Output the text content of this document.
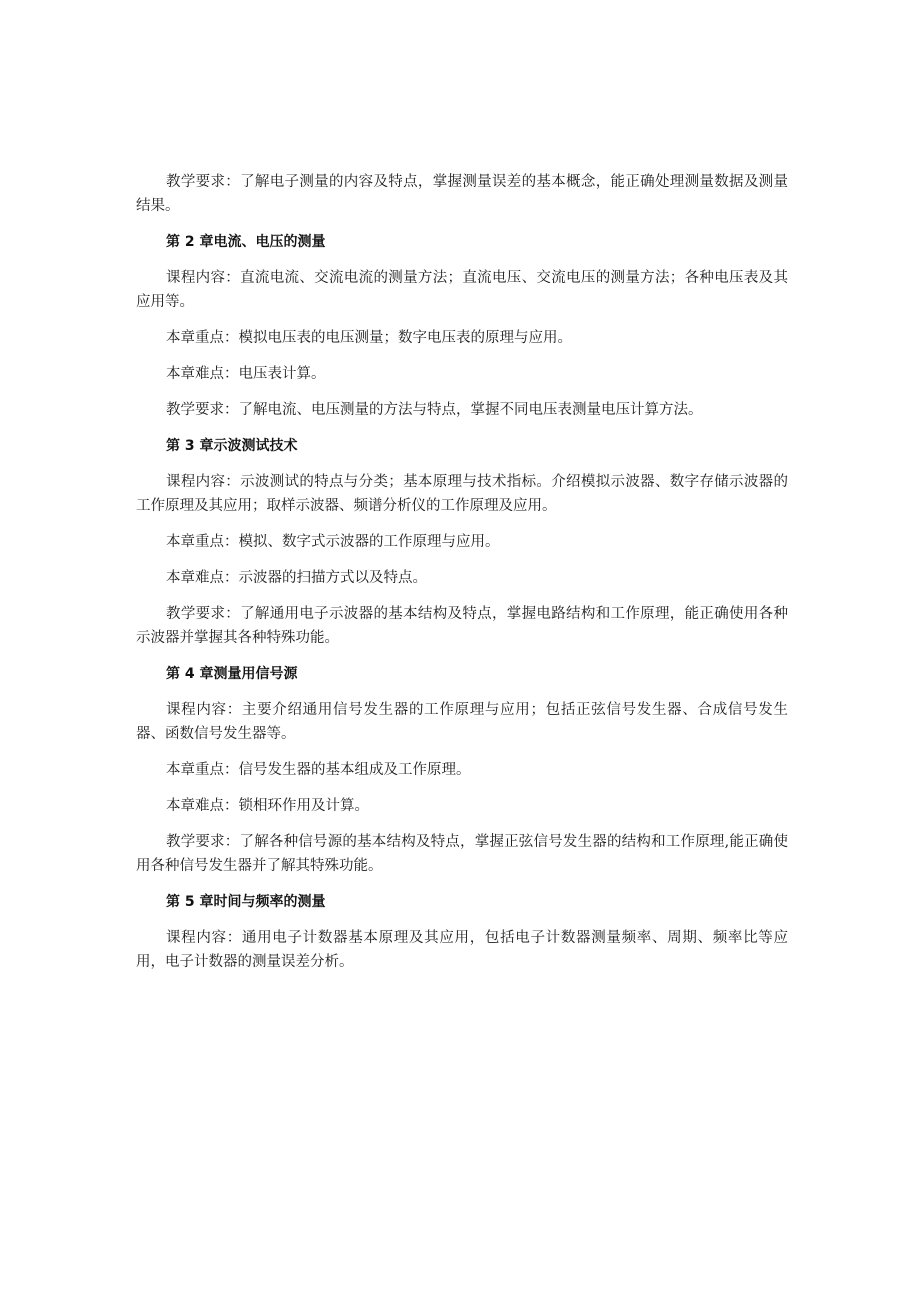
教学要求：了解电子测量的内容及特点，掌握测量误差的基本概念，能正确处理测量数据及测量结果。

第 2 章电流、电压的测量

课程内容：直流电流、交流电流的测量方法；直流电压、交流电压的测量方法；各种电压表及其应用等。

本章重点：模拟电压表的电压测量；数字电压表的原理与应用。

本章难点：电压表计算。

教学要求：了解电流、电压测量的方法与特点，掌握不同电压表测量电压计算方法。

第 3 章示波测试技术

课程内容：示波测试的特点与分类；基本原理与技术指标。介绍模拟示波器、数字存储示波器的工作原理及其应用；取样示波器、频谱分析仪的工作原理及应用。

本章重点：模拟、数字式示波器的工作原理与应用。

本章难点：示波器的扫描方式以及特点。

教学要求：了解通用电子示波器的基本结构及特点，掌握电路结构和工作原理，能正确使用各种示波器并掌握其各种特殊功能。

第 4 章测量用信号源

课程内容：主要介绍通用信号发生器的工作原理与应用；包括正弦信号发生器、合成信号发生器、函数信号发生器等。

本章重点：信号发生器的基本组成及工作原理。

本章难点：锁相环作用及计算。

教学要求：了解各种信号源的基本结构及特点，掌握正弦信号发生器的结构和工作原理,能正确使用各种信号发生器并了解其特殊功能。

第 5 章时间与频率的测量

课程内容：通用电子计数器基本原理及其应用，包括电子计数器测量频率、周期、频率比等应用，电子计数器的测量误差分析。
